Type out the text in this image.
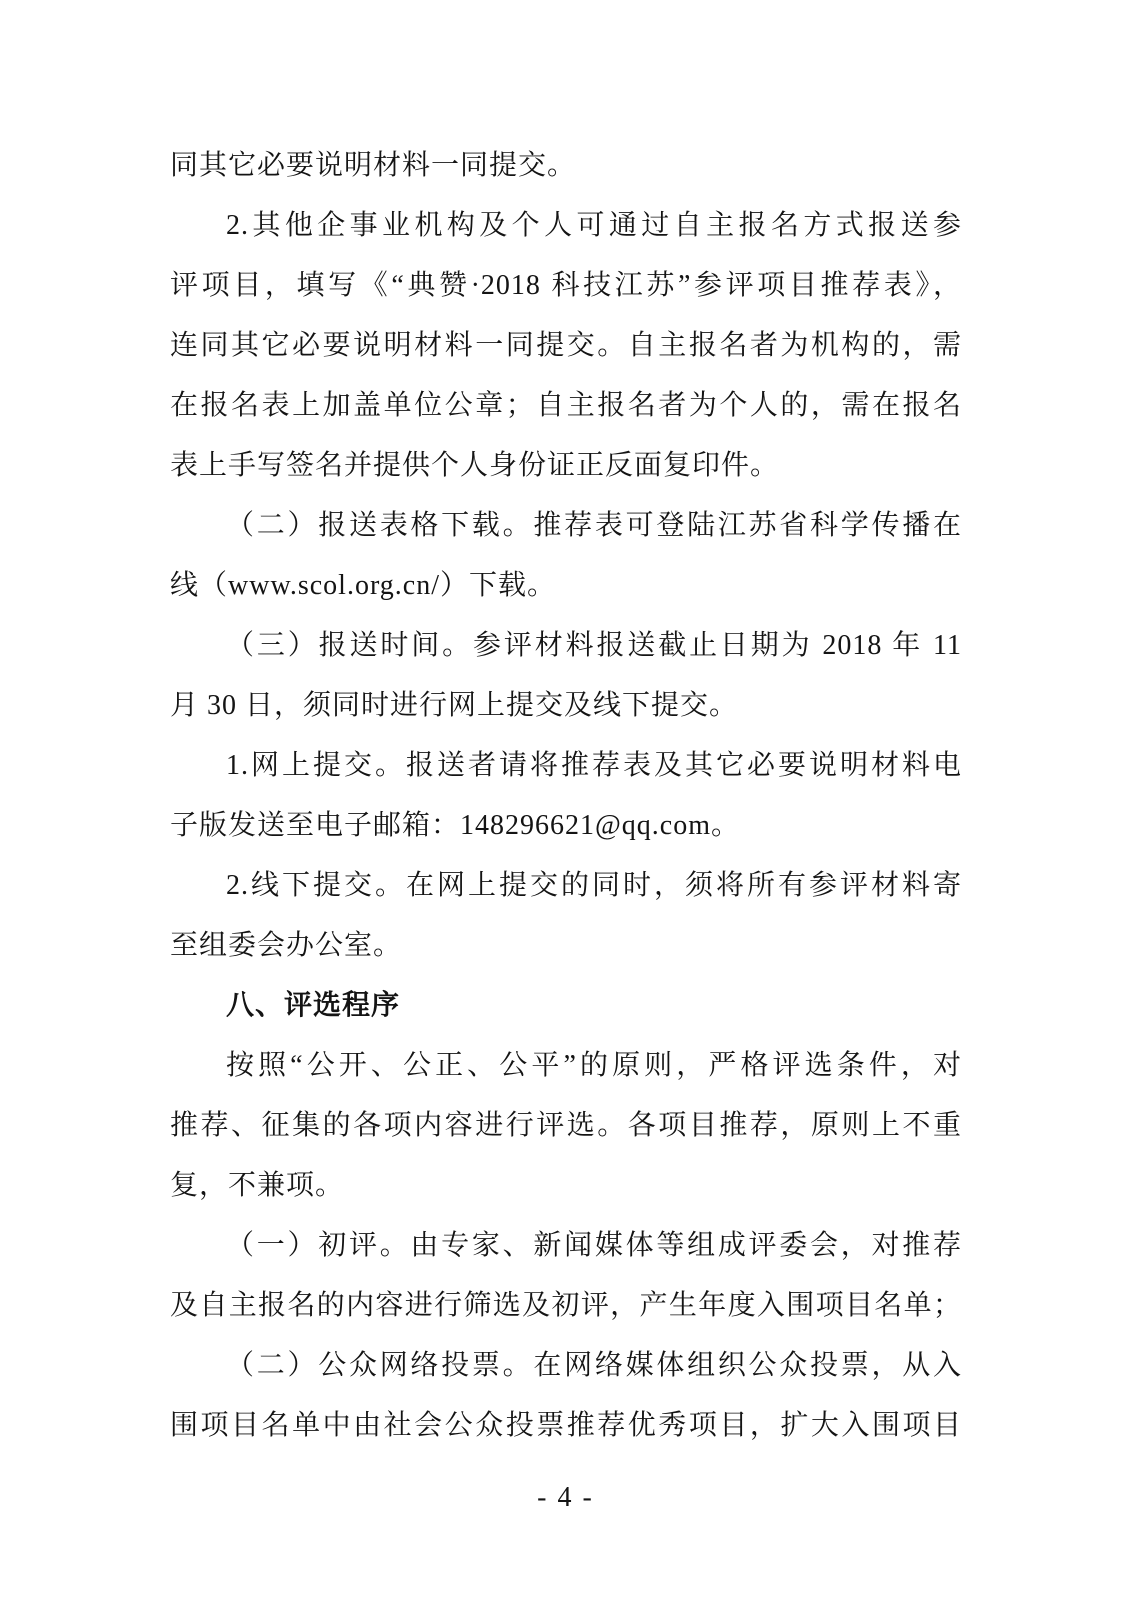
同其它必要说明材料一同提交。
2.其他企事业机构及个人可通过自主报名方式报送参
评项目，填写《“典赞·2018 科技江苏”参评项目推荐表》，
连同其它必要说明材料一同提交。自主报名者为机构的，需
在报名表上加盖单位公章；自主报名者为个人的，需在报名
表上手写签名并提供个人身份证正反面复印件。
（二）报送表格下载。推荐表可登陆江苏省科学传播在
线（www.scol.org.cn/）下载。
（三）报送时间。参评材料报送截止日期为 2018 年 11
月 30 日，须同时进行网上提交及线下提交。
1.网上提交。报送者请将推荐表及其它必要说明材料电
子版发送至电子邮箱：148296621@qq.com。
2.线下提交。在网上提交的同时，须将所有参评材料寄
至组委会办公室。
八、评选程序
按照“公开、公正、公平”的原则，严格评选条件，对
推荐、征集的各项内容进行评选。各项目推荐，原则上不重
复，不兼项。
（一）初评。由专家、新闻媒体等组成评委会，对推荐
及自主报名的内容进行筛选及初评，产生年度入围项目名单；
（二）公众网络投票。在网络媒体组织公众投票，从入
围项目名单中由社会公众投票推荐优秀项目，扩大入围项目
- 4 -
